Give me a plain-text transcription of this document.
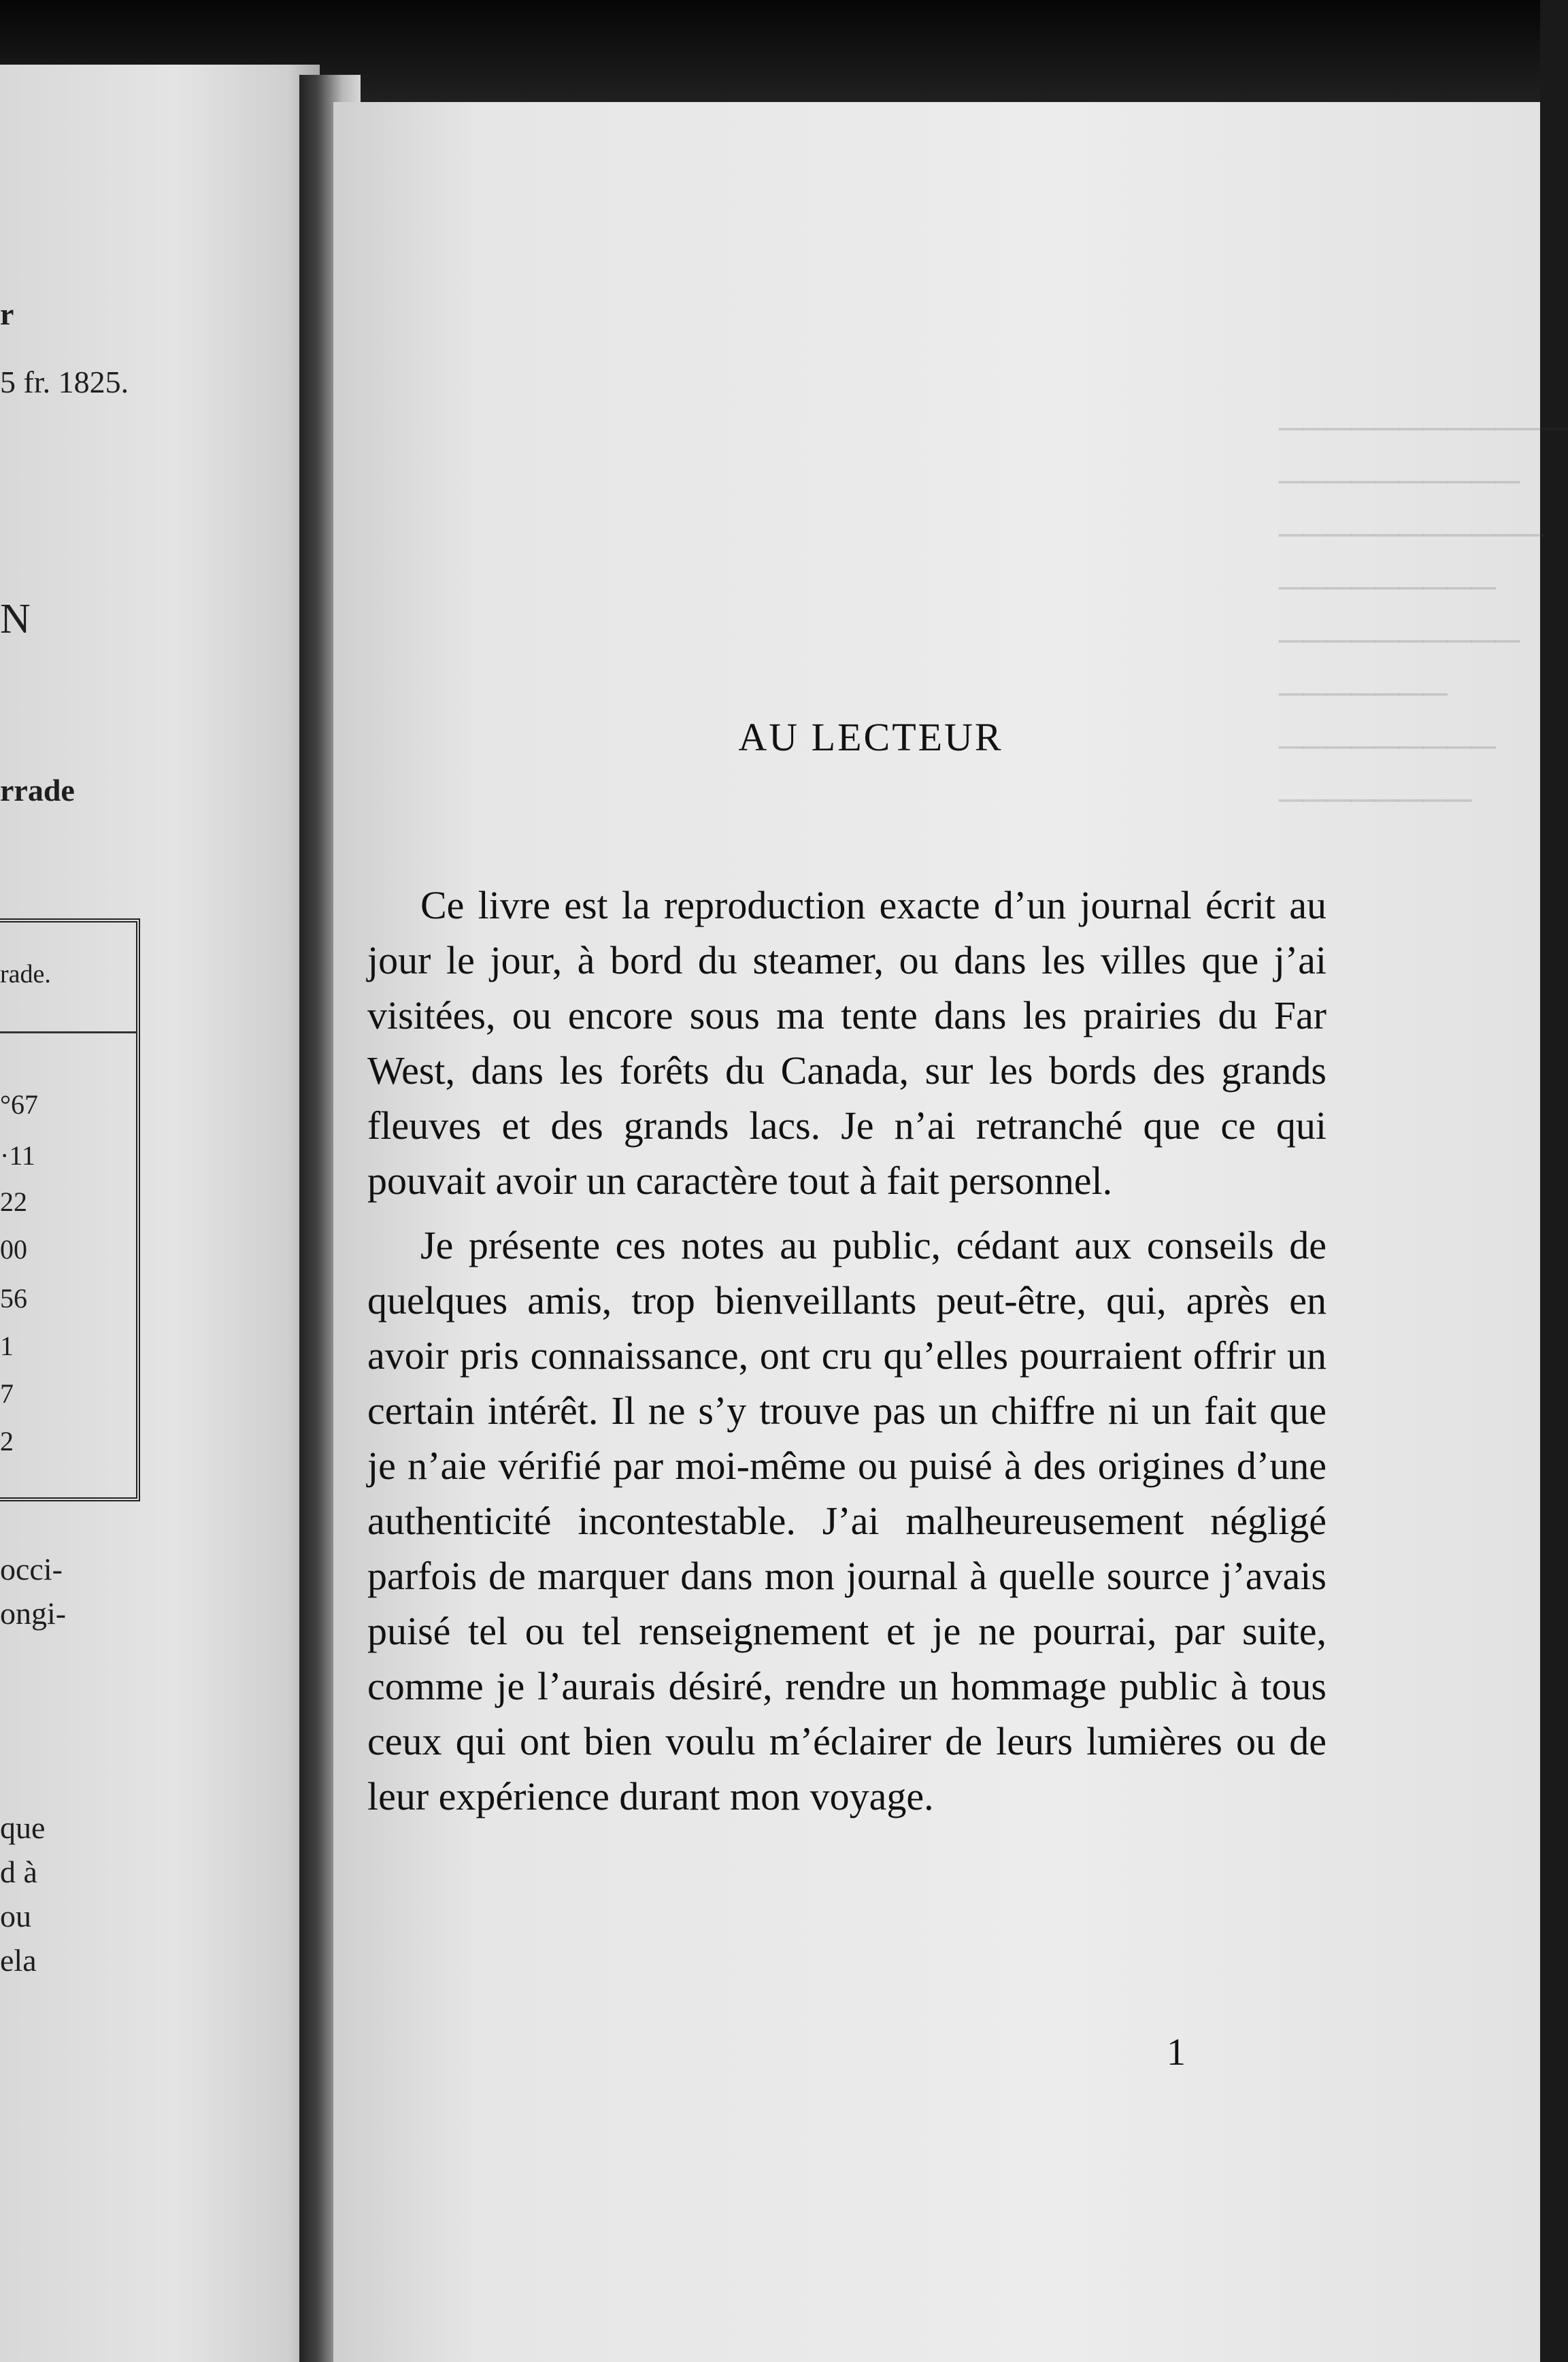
r
5 fr. 1825.
N
rrade
rade.
°67
·11
22
00
56
1
7
2
occi-
ongi-
que
d à
ou
ela
────────────
──────────
───────────
─────────
──────────
───────
─────────
────────
AU LECTEUR

Ce livre est la reproduction exacte d’un journal écrit au jour le jour, à bord du steamer, ou dans les villes que j’ai visitées, ou encore sous ma tente dans les prairies du Far West, dans les forêts du Canada, sur les bords des grands fleuves et des grands lacs. Je n’ai retranché que ce qui pouvait avoir un caractère tout à fait personnel.

Je présente ces notes au public, cédant aux conseils de quelques amis, trop bienveillants peut-être, qui, après en avoir pris connaissance, ont cru qu’elles pourraient offrir un certain intérêt. Il ne s’y trouve pas un chiffre ni un fait que je n’aie vérifié par moi-même ou puisé à des origines d’une authenticité incontestable. J’ai malheureusement négligé parfois de marquer dans mon journal à quelle source j’avais puisé tel ou tel renseignement et je ne pourrai, par suite, comme je l’aurais désiré, rendre un hommage public à tous ceux qui ont bien voulu m’éclairer de leurs lumières ou de leur expérience durant mon voyage.

1
